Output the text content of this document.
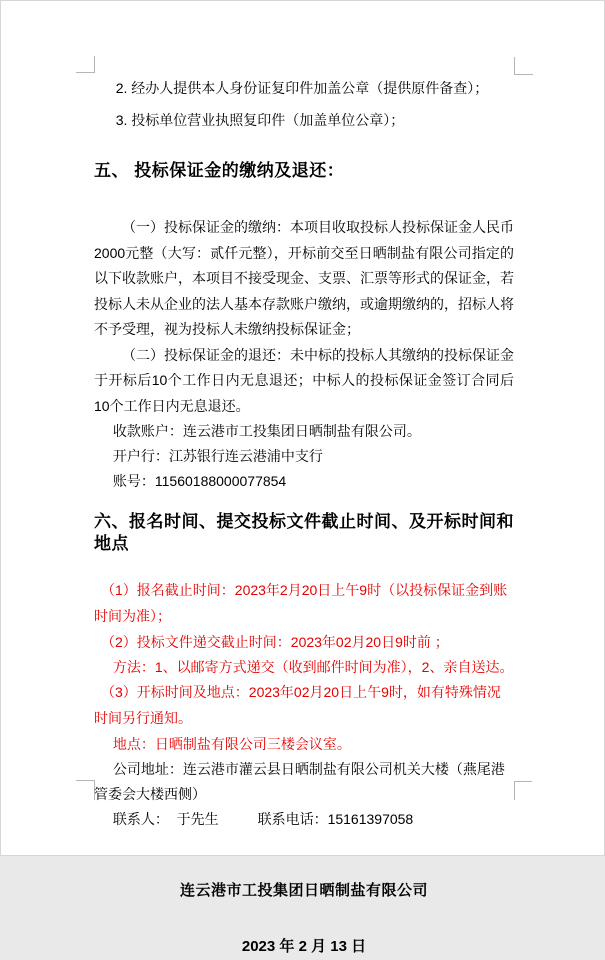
2. 经办人提供本人身份证复印件加盖公章（提供原件备查）；

3. 投标单位营业执照复印件（加盖单位公章）；

五、 投标保证金的缴纳及退还：

（一）投标保证金的缴纳：本项目收取投标人投标保证金人民币2000元整（大写：贰仟元整），开标前交至日晒制盐有限公司指定的以下收款账户，本项目不接受现金、支票、汇票等形式的保证金，若投标人未从企业的法人基本存款账户缴纳，或逾期缴纳的，招标人将不予受理，视为投标人未缴纳投标保证金；

（二）投标保证金的退还：未中标的投标人其缴纳的投标保证金于开标后10个工作日内无息退还；中标人的投标保证金签订合同后10个工作日内无息退还。

收款账户：连云港市工投集团日晒制盐有限公司。

开户行：江苏银行连云港浦中支行

账号：11560188000077854

六、报名时间、提交投标文件截止时间、及开标时间和地点

（1）报名截止时间：2023年2月20日上午9时（以投标保证金到账时间为准）；

（2）投标文件递交截止时间：2023年02月20日9时前 ；

方法：1、以邮寄方式递交（收到邮件时间为准），2、亲自送达。

（3）开标时间及地点：2023年02月20日上午9时，如有特殊情况时间另行通知。

地点：日晒制盐有限公司三楼会议室。

公司地址：连云港市灌云县日晒制盐有限公司机关大楼（燕尾港管委会大楼西侧）

联系人：  于先生          联系电话：15161397058

连云港市工投集团日晒制盐有限公司

2023 年 2 月 13 日
